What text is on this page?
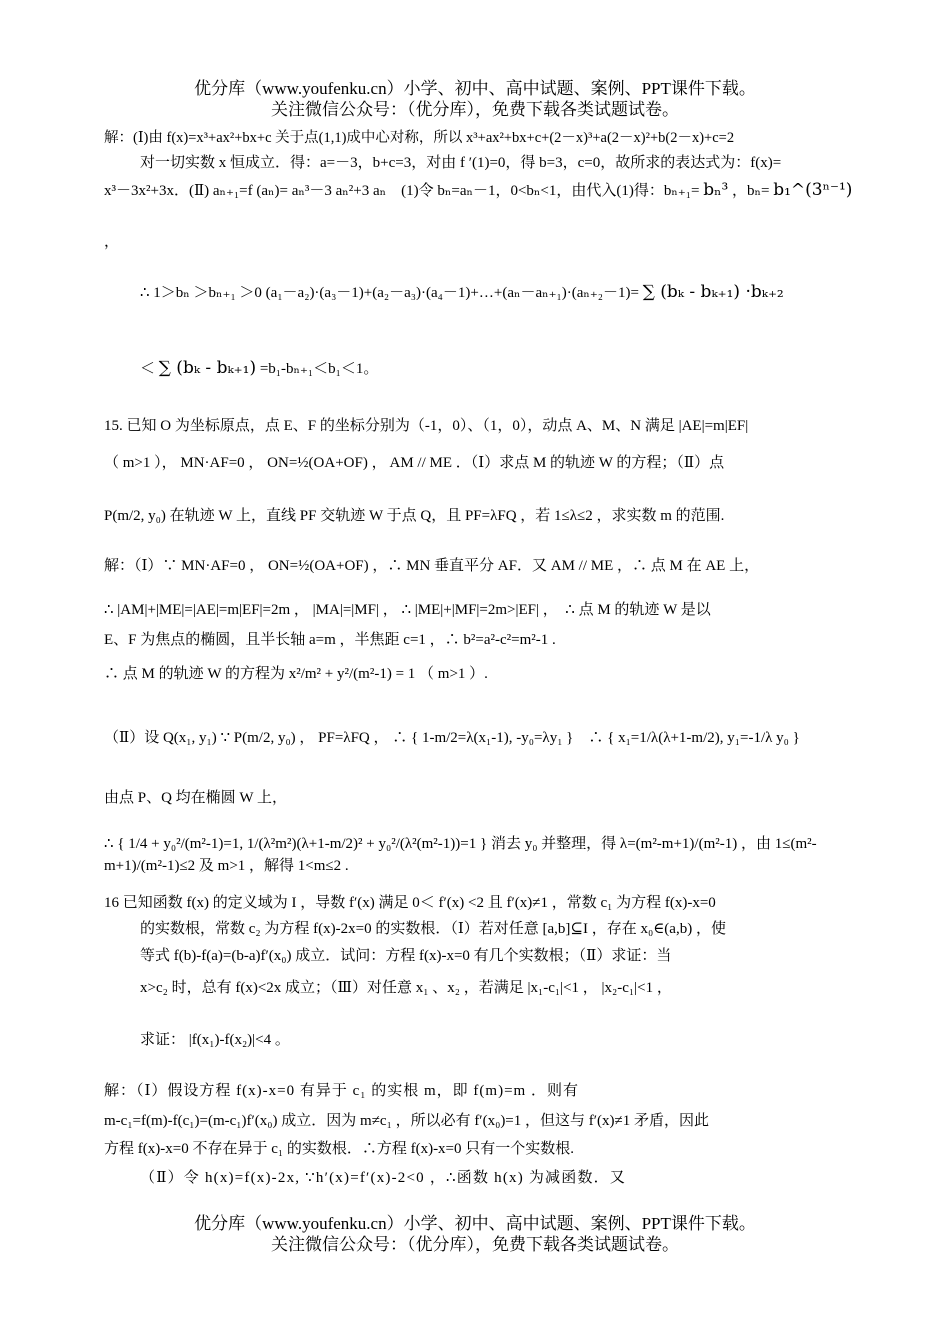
优分库（www.youfenku.cn）小学、初中、高中试题、案例、PPT课件下载。
关注微信公众号：（优分库），免费下载各类试题试卷。
解：(Ⅰ)由 f(x)=x³+ax²+bx+c 关于点(1,1)成中心对称，所以 x³+ax²+bx+c+(2－x)³+a(2－x)²+b(2－x)+c=2
对一切实数 x 恒成立．得：a=－3，b+c=3，对由 f ′(1)=0，得 b=3，c=0，故所求的表达式为：f(x)=
x³－3x²+3x．(Ⅱ) aₙ₊₁=f (aₙ)= aₙ³－3 aₙ²+3 aₙ　(1)令 bₙ=aₙ－1，0<bₙ<1，由代入(1)得：bₙ₊₁= bₙ³ ，bₙ= b₁^(3ⁿ⁻¹)
，
∴ 1＞bₙ ＞bₙ₊₁ ＞0 (a₁－a₂)·(a₃－1)+(a₂－a₃)·(a₄－1)+…+(aₙ－aₙ₊₁)·(aₙ₊₂－1)= ∑ (bₖ - bₖ₊₁) ·bₖ₊₂
＜ ∑ (bₖ - bₖ₊₁) =b₁-bₙ₊₁＜b₁＜1。
15. 已知 O 为坐标原点，点 E、F 的坐标分别为（-1，0）、（1，0），动点 A、M、N 满足 |AE|=m|EF|
（ m>1 ）， MN·AF=0 ， ON=½(OA+OF) ， AM // ME ．（Ⅰ）求点 M 的轨迹 W 的方程；（Ⅱ）点
P(m/2, y₀) 在轨迹 W 上，直线 PF 交轨迹 W 于点 Q，且 PF=λFQ ，若 1≤λ≤2 ，求实数 m 的范围.
解：（Ⅰ）∵ MN·AF=0 ， ON=½(OA+OF) ，∴ MN 垂直平分 AF．又 AM // ME ，∴ 点 M 在 AE 上，
∴ |AM|+|ME|=|AE|=m|EF|=2m ， |MA|=|MF| ， ∴ |ME|+|MF|=2m>|EF| ，　∴ 点 M 的轨迹 W 是以
E、F 为焦点的椭圆，且半长轴 a=m ，半焦距 c=1 ，∴ b²=a²-c²=m²-1 .
∴ 点 M 的轨迹 W 的方程为 x²/m² + y²/(m²-1) = 1 （ m>1 ）.
（Ⅱ）设 Q(x₁, y₁) ∵ P(m/2, y₀) ， PF=λFQ ， ∴ { 1-m/2=λ(x₁-1), -y₀=λy₁ }　∴ { x₁=1/λ(λ+1-m/2), y₁=-1/λ y₀ }
由点 P、Q 均在椭圆 W 上，
∴ { 1/4 + y₀²/(m²-1)=1, 1/(λ²m²)(λ+1-m/2)² + y₀²/(λ²(m²-1))=1 } 消去 y₀ 并整理，得 λ=(m²-m+1)/(m²-1) ，由 1≤(m²-m+1)/(m²-1)≤2 及 m>1 ，解得 1<m≤2 .
16 已知函数 f(x) 的定义域为 I ，导数 f′(x) 满足 0＜ f′(x) <2 且 f′(x)≠1 ，常数 c₁ 为方程 f(x)-x=0
的实数根，常数 c₂ 为方程 f(x)-2x=0 的实数根．（Ⅰ）若对任意 [a,b]⊆I ，存在 x₀∈(a,b) ，使
等式 f(b)-f(a)=(b-a)f′(x₀) 成立．试问：方程 f(x)-x=0 有几个实数根；（Ⅱ）求证：当
x>c₂ 时，总有 f(x)<2x 成立；（Ⅲ）对任意 x₁ 、x₂ ，若满足 |x₁-c₁|<1 ， |x₂-c₁|<1 ，
求证： |f(x₁)-f(x₂)|<4 。
解：（Ⅰ）假设方程 f(x)-x=0 有异于 c₁ 的实根 m，即 f(m)=m ．则有
m-c₁=f(m)-f(c₁)=(m-c₁)f′(x₀) 成立．因为 m≠c₁ ，所以必有 f′(x₀)=1 ，但这与 f′(x)≠1 矛盾，因此
方程 f(x)-x=0 不存在异于 c₁ 的实数根．∴方程 f(x)-x=0 只有一个实数根.
（Ⅱ）令 h(x)=f(x)-2x, ∵h′(x)=f′(x)-2<0 ，∴函数 h(x) 为减函数．又
优分库（www.youfenku.cn）小学、初中、高中试题、案例、PPT课件下载。
关注微信公众号：（优分库），免费下载各类试题试卷。
